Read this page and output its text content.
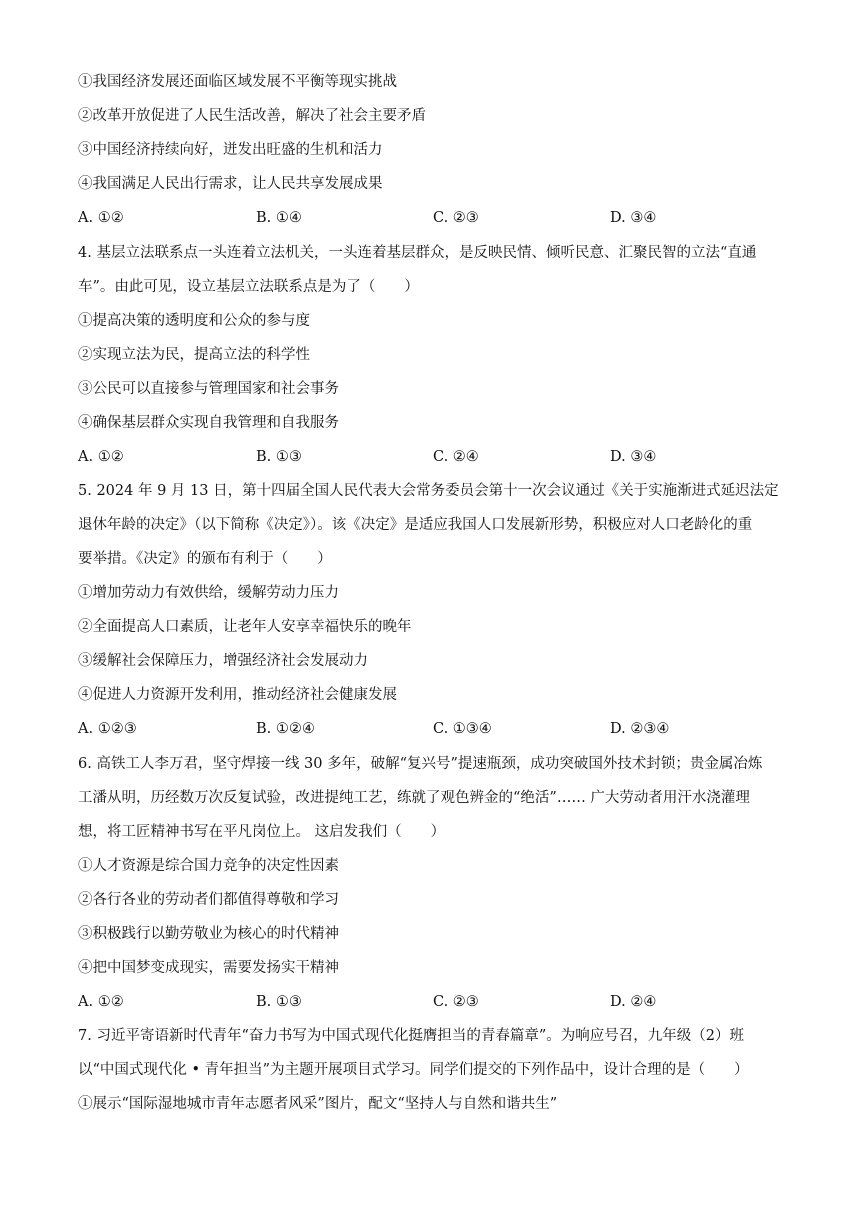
①我国经济发展还面临区域发展不平衡等现实挑战
②改革开放促进了人民生活改善，解决了社会主要矛盾
③中国经济持续向好，迸发出旺盛的生机和活力
④我国满足人民出行需求，让人民共享发展成果
A. ①②	B. ①④	C. ②③	D. ③④
4. 基层立法联系点一头连着立法机关，一头连着基层群众，是反映民情、倾听民意、汇聚民智的立法“直通
车”。由此可见，设立基层立法联系点是为了（　　）
①提高决策的透明度和公众的参与度
②实现立法为民，提高立法的科学性
③公民可以直接参与管理国家和社会事务
④确保基层群众实现自我管理和自我服务
A. ①②	B. ①③	C. ②④	D. ③④
5. 2024 年 9 月 13 日，第十四届全国人民代表大会常务委员会第十一次会议通过《关于实施渐进式延迟法定
退休年龄的决定》（以下简称《决定》）。该《决定》是适应我国人口发展新形势，积极应对人口老龄化的重
要举措。《决定》的颁布有利于（　　）
①增加劳动力有效供给，缓解劳动力压力
②全面提高人口素质，让老年人安享幸福快乐的晚年
③缓解社会保障压力，增强经济社会发展动力
④促进人力资源开发利用，推动经济社会健康发展
A. ①②③	B. ①②④	C. ①③④	D. ②③④
6. 高铁工人李万君，坚守焊接一线 30 多年，破解“复兴号”提速瓶颈，成功突破国外技术封锁；贵金属冶炼
工潘从明，历经数万次反复试验，改进提纯工艺，练就了观色辨金的“绝活”…… 广大劳动者用汗水浇灌理
想，将工匠精神书写在平凡岗位上。 这启发我们（　　）
①人才资源是综合国力竞争的决定性因素
②各行各业的劳动者们都值得尊敬和学习
③积极践行以勤劳敬业为核心的时代精神
④把中国梦变成现实，需要发扬实干精神
A. ①②	B. ①③	C. ②③	D. ②④
7. 习近平寄语新时代青年“奋力书写为中国式现代化挺膺担当的青春篇章”。为响应号召，九年级（2）班
以“中国式现代化 • 青年担当”为主题开展项目式学习。同学们提交的下列作品中，设计合理的是（　　）
①展示“国际湿地城市青年志愿者风采”图片，配文“坚持人与自然和谐共生”
